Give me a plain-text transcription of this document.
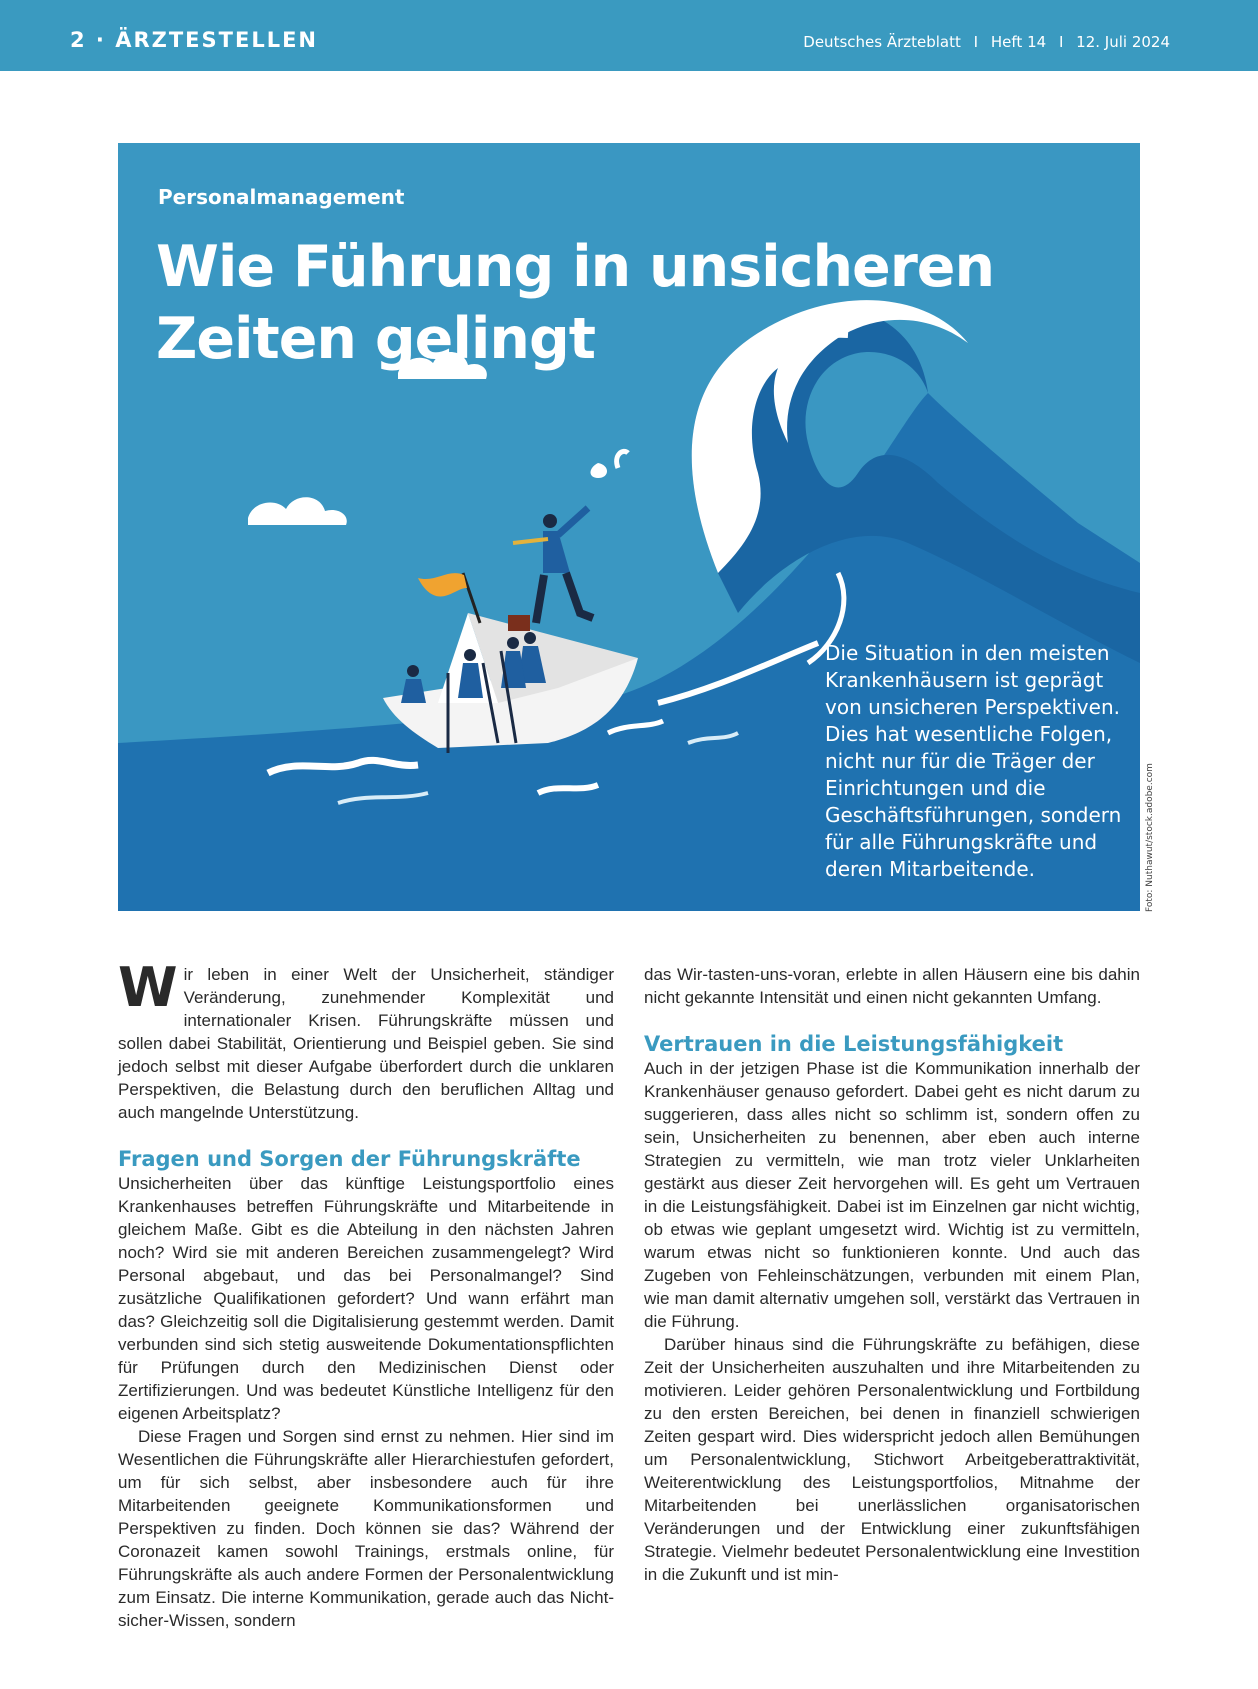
2 · ÄRZTESTELLEN	Deutsches Ärzteblatt I Heft 14 I 12. Juli 2024
Personalmanagement
Wie Führung in unsicheren Zeiten gelingt
Die Situation in den meisten Krankenhäusern ist geprägt von unsicheren Perspektiven. Dies hat wesentliche Folgen, nicht nur für die Träger der Einrichtungen und die Geschäftsführungen, sondern für alle Führungskräfte und deren Mitarbeitende.	Foto: Nuthawut/stock.adobe.com

Wir leben in einer Welt der Unsicherheit, ständiger Veränderung, zunehmender Komplexität und internationaler Krisen. Führungskräfte müssen und sollen dabei Stabilität, Orientierung und Beispiel geben. Sie sind jedoch selbst mit dieser Aufgabe überfordert durch die unklaren Perspektiven, die Belastung durch den beruflichen Alltag und auch mangelnde Unterstützung.

Fragen und Sorgen der Führungskräfte

Unsicherheiten über das künftige Leistungsportfolio eines Krankenhauses betreffen Führungskräfte und Mitarbeitende in gleichem Maße. Gibt es die Abteilung in den nächsten Jahren noch? Wird sie mit anderen Bereichen zusammengelegt? Wird Personal abgebaut, und das bei Personalmangel? Sind zusätzliche Qualifikationen gefordert? Und wann erfährt man das? Gleichzeitig soll die Digitalisierung gestemmt werden. Damit verbunden sind sich stetig ausweitende Dokumentationspflichten für Prüfungen durch den Medizinischen Dienst oder Zertifizierungen. Und was bedeutet Künstliche Intelligenz für den eigenen Arbeitsplatz?

Diese Fragen und Sorgen sind ernst zu nehmen. Hier sind im Wesentlichen die Führungskräfte aller Hierarchiestufen gefordert, um für sich selbst, aber insbesondere auch für ihre Mitarbeitenden geeignete Kommunikationsformen und Perspektiven zu finden. Doch können sie das? Während der Coronazeit kamen sowohl Trainings, erstmals online, für Führungskräfte als auch andere Formen der Personalentwicklung zum Einsatz. Die interne Kommunikation, gerade auch das Nicht-sicher-Wissen, sondern

das Wir-tasten-uns-voran, erlebte in allen Häusern eine bis dahin nicht gekannte Intensität und einen nicht gekannten Umfang.

Vertrauen in die Leistungsfähigkeit

Auch in der jetzigen Phase ist die Kommunikation innerhalb der Krankenhäuser genauso gefordert. Dabei geht es nicht darum zu suggerieren, dass alles nicht so schlimm ist, sondern offen zu sein, Unsicherheiten zu benennen, aber eben auch interne Strategien zu vermitteln, wie man trotz vieler Unklarheiten gestärkt aus dieser Zeit hervorgehen will. Es geht um Vertrauen in die Leistungsfähigkeit. Dabei ist im Einzelnen gar nicht wichtig, ob etwas wie geplant umgesetzt wird. Wichtig ist zu vermitteln, warum etwas nicht so funktionieren konnte. Und auch das Zugeben von Fehleinschätzungen, verbunden mit einem Plan, wie man damit alternativ umgehen soll, verstärkt das Vertrauen in die Führung.

Darüber hinaus sind die Führungskräfte zu befähigen, diese Zeit der Unsicherheiten auszuhalten und ihre Mitarbeitenden zu motivieren. Leider gehören Personalentwicklung und Fortbildung zu den ersten Bereichen, bei denen in finanziell schwierigen Zeiten gespart wird. Dies widerspricht jedoch allen Bemühungen um Personalentwicklung, Stichwort Arbeitgeberattraktivität, Weiterentwicklung des Leistungsportfolios, Mitnahme der Mitarbeitenden bei unerlässlichen organisatorischen Veränderungen und der Entwicklung einer zukunftsfähigen Strategie. Vielmehr bedeutet Personalentwicklung eine Investition in die Zukunft und ist min-
